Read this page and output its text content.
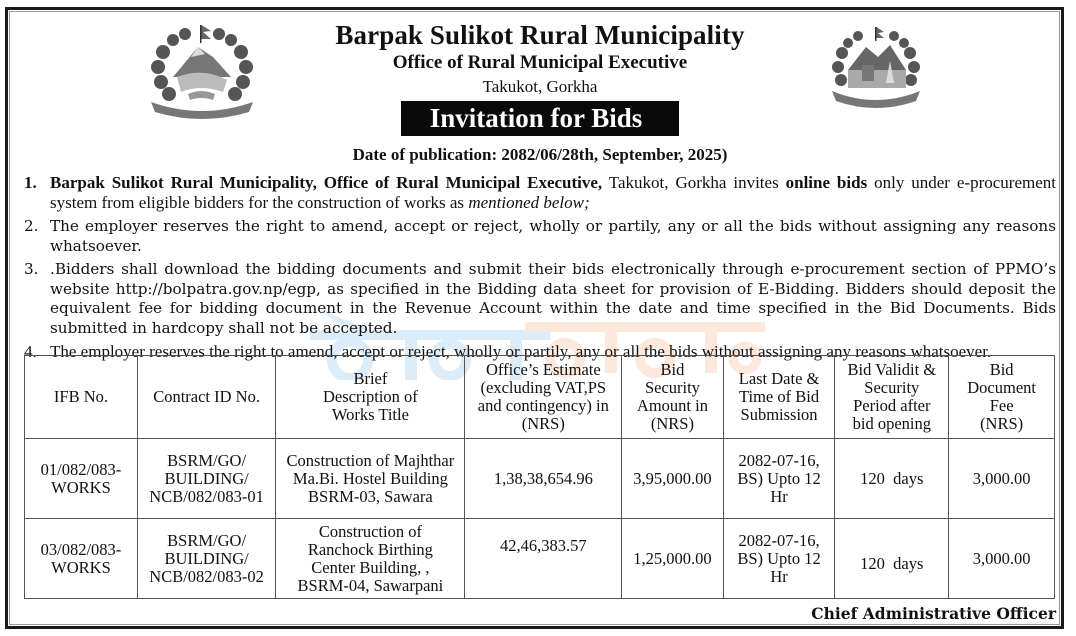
Barpak Sulikot Rural Municipality
Office of Rural Municipal Executive
Takukot, Gorkha
Invitation for Bids
Date of publication: 2082/06/28th, September, 2025)
1. Barpak Sulikot Rural Municipality, Office of Rural Municipal Executive, Takukot, Gorkha invites online bids only under e-procurement system from eligible bidders for the construction of works as mentioned below;
2. The employer reserves the right to amend, accept or reject, wholly or partily, any or all the bids without assigning any reasons whatsoever.
3. .Bidders shall download the bidding documents and submit their bids electronically through e-procurement section of PPMO’s website http://bolpatra.gov.np/egp, as specified in the Bidding data sheet for provision of E-Bidding. Bidders should deposit the equivalent fee for bidding document in the Revenue Account within the date and time specified in the Bid Documents. Bids submitted in hardcopy shall not be accepted.
4. The employer reserves the right to amend, accept or reject, wholly or partily, any or all the bids without assigning any reasons whatsoever.
IFB No.	Contract ID No.	Brief Description of Works Title	Office’s Estimate (excluding VAT,PS and contingency) in (NRS)	Bid Security Amount in (NRS)	Last Date & Time of Bid Submission	Bid Validit & Security Period after bid opening	Bid Document Fee (NRS)
01/082/083-WORKS	BSRM/GO/ BUILDING/ NCB/082/083-01	Construction of Majhthar Ma.Bi. Hostel Building BSRM-03, Sawara	1,38,38,654.96	3,95,000.00	2082-07-16, BS) Upto 12 Hr	120  days	3,000.00
03/082/083-WORKS	BSRM/GO/ BUILDING/ NCB/082/083-02	Construction of Ranchock Birthing Center Building, , BSRM-04, Sawarpani	42,46,383.57	1,25,000.00	2082-07-16, BS) Upto 12 Hr	120  days	3,000.00
Chief Administrative Officer
